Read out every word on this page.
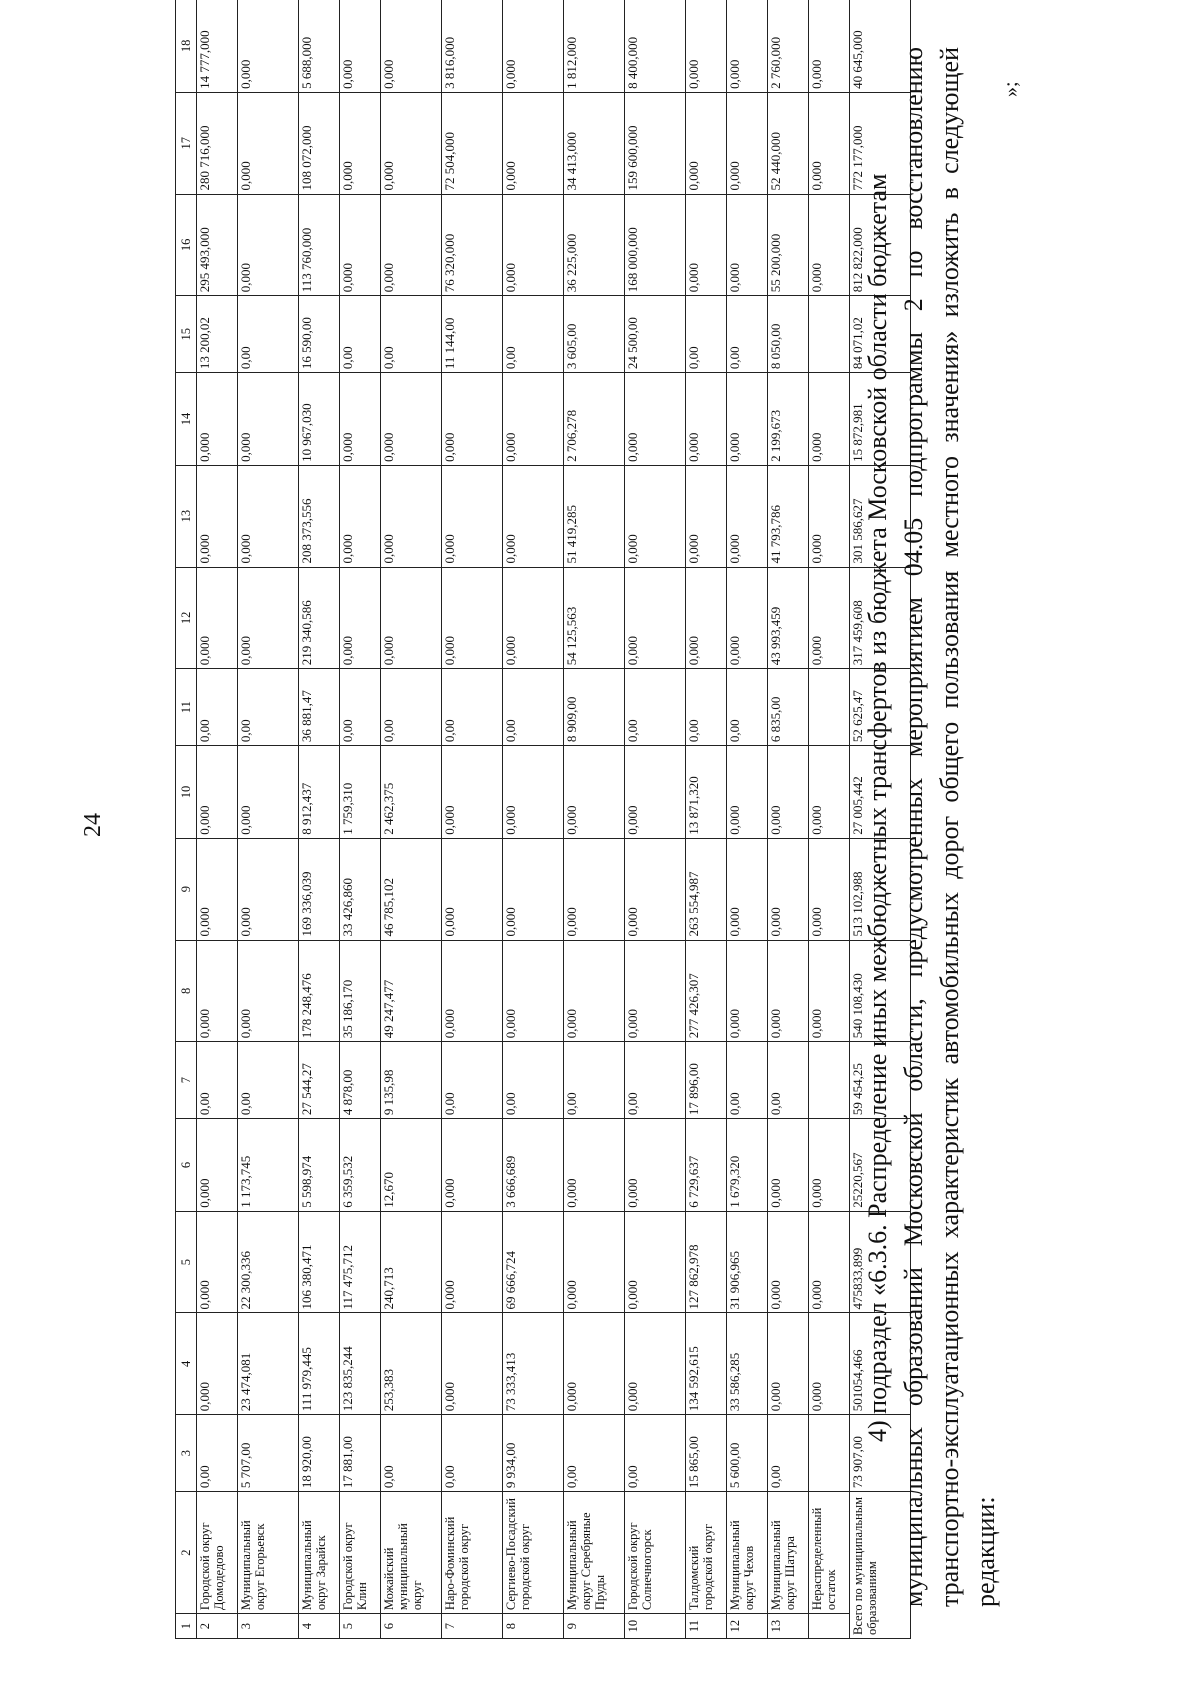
24
1	2	3	4	5	6	7	8	9	10	11	12	13	14	15	16	17	18
2	Городской округ Домодедово	0,00	0,000	0,000	0,000	0,00	0,000	0,000	0,000	0,00	0,000	0,000	0,000	13 200,02	295 493,000	280 716,000	14 777,000
3	Муниципальный округ Егорьевск	5 707,00	23 474,081	22 300,336	1 173,745	0,00	0,000	0,000	0,000	0,00	0,000	0,000	0,000	0,00	0,000	0,000	0,000
4	Муниципальный округ Зарайск	18 920,00	111 979,445	106 380,471	5 598,974	27 544,27	178 248,476	169 336,039	8 912,437	36 881,47	219 340,586	208 373,556	10 967,030	16 590,00	113 760,000	108 072,000	5 688,000
5	Городской округ Клин	17 881,00	123 835,244	117 475,712	6 359,532	4 878,00	35 186,170	33 426,860	1 759,310	0,00	0,000	0,000	0,000	0,00	0,000	0,000	0,000
6	Можайский муниципальный округ	0,00	253,383	240,713	12,670	9 135,98	49 247,477	46 785,102	2 462,375	0,00	0,000	0,000	0,000	0,00	0,000	0,000	0,000
7	Наро-Фоминский городской округ	0,00	0,000	0,000	0,000	0,00	0,000	0,000	0,000	0,00	0,000	0,000	0,000	11 144,00	76 320,000	72 504,000	3 816,000
8	Сергиево-Посадский городской округ	9 934,00	73 333,413	69 666,724	3 666,689	0,00	0,000	0,000	0,000	0,00	0,000	0,000	0,000	0,00	0,000	0,000	0,000
9	Муниципальный округ Серебряные Пруды	0,00	0,000	0,000	0,000	0,00	0,000	0,000	0,000	8 909,00	54 125,563	51 419,285	2 706,278	3 605,00	36 225,000	34 413,000	1 812,000
10	Городской округ Солнечногорск	0,00	0,000	0,000	0,000	0,00	0,000	0,000	0,000	0,00	0,000	0,000	0,000	24 500,00	168 000,000	159 600,000	8 400,000
11	Талдомский городской округ	15 865,00	134 592,615	127 862,978	6 729,637	17 896,00	277 426,307	263 554,987	13 871,320	0,00	0,000	0,000	0,000	0,00	0,000	0,000	0,000
12	Муниципальный округ Чехов	5 600,00	33 586,285	31 906,965	1 679,320	0,00	0,000	0,000	0,000	0,00	0,000	0,000	0,000	0,00	0,000	0,000	0,000
13	Муниципальный округ Шатура	0,00	0,000	0,000	0,000	0,00	0,000	0,000	0,000	6 835,00	43 993,459	41 793,786	2 199,673	8 050,00	55 200,000	52 440,000	2 760,000
	Нераспределенный остаток		0,000	0,000	0,000		0,000	0,000	0,000		0,000	0,000	0,000		0,000	0,000	0,000
Всего по муниципальным образованиям		73 907,00	501054,466	475833,899	25220,567	59 454,25	540 108,430	513 102,988	27 005,442	52 625,47	317 459,608	301 586,627	15 872,981	84 071,02	812 822,000	772 177,000	40 645,000
»;

4) подраздел «6.3.6. Распределение иных межбюджетных трансфертов из бюджета Московской области бюджетам муниципальных образований Московской области, предусмотренных мероприятием 04.05 подпрограммы 2 по восстановлению транспортно-эксплуатационных характеристик автомобильных дорог общего пользования местного значения» изложить в следующей редакции:
